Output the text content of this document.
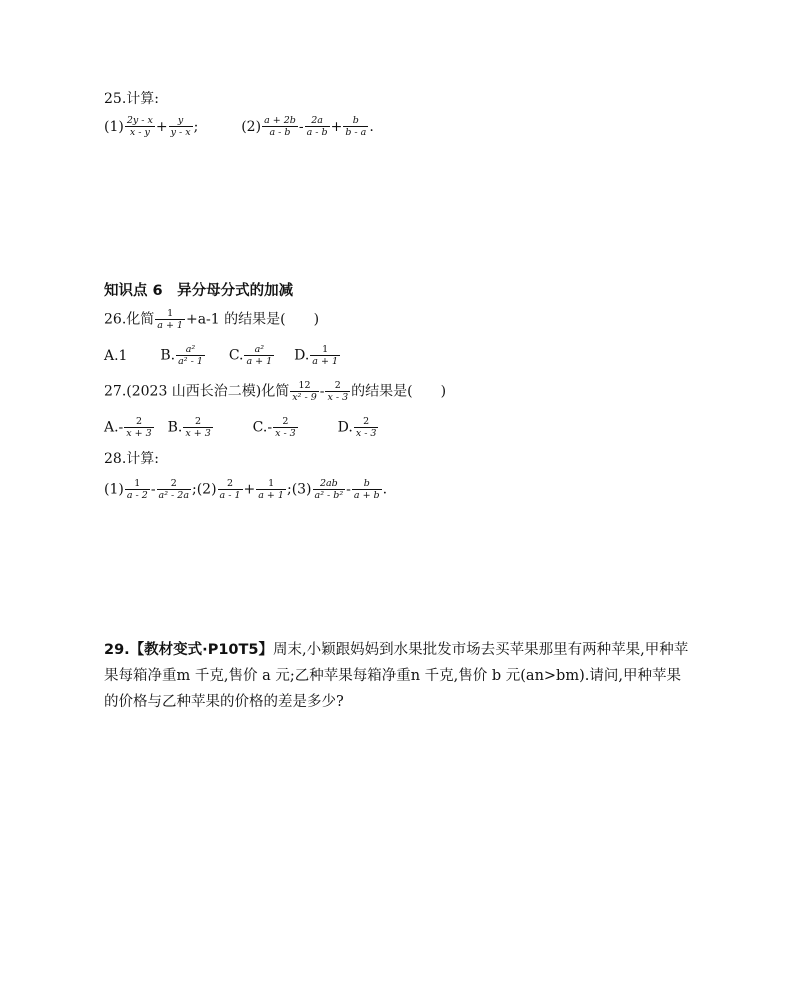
25.计算:
$(1) \frac{2y - x}{x - y} + \frac{y}{y - x}$ ;	$(2) \frac{a + 2b}{a - b} - \frac{2a}{a - b} + \frac{b}{b - a}$ .
知识点 6　异分母分式的加减
26.化简 $\frac{1}{a + 1} +a-1$ 的结果是(　　)
A.1 B. $\frac{\text{a²}}{\text{a² - 1}} C$. $\frac{\text{a²}}{a + 1} D$. $\frac{1}{a + 1}$
27.(2023 山西长治二模)化简 $\frac{12}{\text{x² - 9}} - \frac{2}{x - 3}$ 的结果是(　　)
$A.- \frac{2}{x + 3} B$. $\frac{2}{x + 3}$	$C.- \frac{2}{x - 3}$	D. $\frac{2}{x - 3}$
28.计算:
$(1) \frac{1}{a - 2} - \frac{2}{\text{a² - 2a}}$ ;(2) $\frac{2}{a - 1} + \frac{1}{a + 1}$ ;(3) $\frac{2ab}{\text{a² - b²}} - \frac{b}{a + b}$ .
29.【教材变式·P10T5】周末,小颖跟妈妈到水果批发市场去买苹果那里有两种苹果,甲种苹果每箱净重m 千克,售价 a 元;乙种苹果每箱净重n 千克,售价 b 元(an>bm).请问,甲种苹果的价格与乙种苹果的价格的差是多少?
